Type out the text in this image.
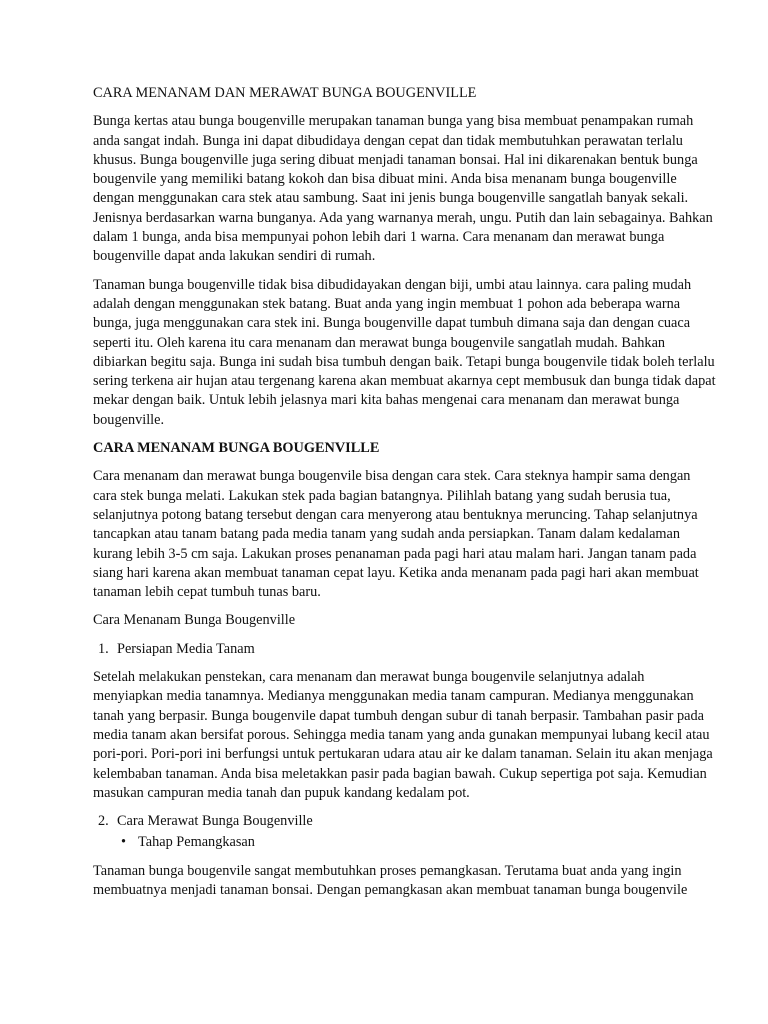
CARA MENANAM DAN MERAWAT BUNGA BOUGENVILLE
Bunga kertas atau bunga bougenville merupakan tanaman bunga yang bisa membuat penampakan rumah
anda sangat indah. Bunga ini dapat dibudidaya dengan cepat dan tidak membutuhkan perawatan terlalu
khusus. Bunga bougenville juga sering dibuat menjadi tanaman bonsai. Hal ini dikarenakan bentuk bunga
bougenvile yang memiliki batang kokoh dan bisa dibuat mini. Anda bisa menanam bunga bougenville
dengan menggunakan cara stek atau sambung. Saat ini jenis bunga bougenville sangatlah banyak sekali.
Jenisnya berdasarkan warna bunganya. Ada yang warnanya merah, ungu. Putih dan lain sebagainya. Bahkan
dalam 1 bunga, anda bisa mempunyai pohon lebih dari 1 warna. Cara menanam dan merawat bunga
bougenville dapat anda lakukan sendiri di rumah.
Tanaman bunga bougenville tidak bisa dibudidayakan dengan biji, umbi atau lainnya. cara paling mudah
adalah dengan menggunakan stek batang. Buat anda yang ingin membuat 1 pohon ada beberapa warna
bunga, juga menggunakan cara stek ini. Bunga bougenville dapat tumbuh dimana saja dan dengan cuaca
seperti itu. Oleh karena itu cara menanam dan merawat bunga bougenvile sangatlah mudah. Bahkan
dibiarkan begitu saja. Bunga ini sudah bisa tumbuh dengan baik. Tetapi bunga bougenvile tidak boleh terlalu
sering terkena air hujan atau tergenang karena akan membuat akarnya cept membusuk dan bunga tidak dapat
mekar dengan baik. Untuk lebih jelasnya mari kita bahas mengenai cara menanam dan merawat bunga
bougenville.
CARA MENANAM BUNGA BOUGENVILLE
Cara menanam dan merawat bunga bougenvile bisa dengan cara stek. Cara steknya hampir sama dengan
cara stek bunga melati. Lakukan stek pada bagian batangnya. Pilihlah batang yang sudah berusia tua,
selanjutnya potong batang tersebut dengan cara menyerong atau bentuknya meruncing. Tahap selanjutnya
tancapkan atau tanam batang pada media tanam yang sudah anda persiapkan. Tanam dalam kedalaman
kurang lebih 3-5 cm saja. Lakukan proses penanaman pada pagi hari atau malam hari. Jangan tanam pada
siang hari karena akan membuat tanaman cepat layu. Ketika anda menanam pada pagi hari akan membuat
tanaman lebih cepat tumbuh tunas baru.
Cara Menanam Bunga Bougenville
1. Persiapan Media Tanam
Setelah melakukan penstekan, cara menanam dan merawat bunga bougenvile selanjutnya adalah
menyiapkan media tanamnya. Medianya menggunakan media tanam campuran. Medianya menggunakan
tanah yang berpasir. Bunga bougenvile dapat tumbuh dengan subur di tanah berpasir. Tambahan pasir pada
media tanam akan bersifat porous. Sehingga media tanam yang anda gunakan mempunyai lubang kecil atau
pori-pori. Pori-pori ini berfungsi untuk pertukaran udara atau air ke dalam tanaman. Selain itu akan menjaga
kelembaban tanaman. Anda bisa meletakkan pasir pada bagian bawah. Cukup sepertiga pot saja. Kemudian
masukan campuran media tanah dan pupuk kandang kedalam pot.
2. Cara Merawat Bunga Bougenville
• Tahap Pemangkasan
Tanaman bunga bougenvile sangat membutuhkan proses pemangkasan. Terutama buat anda yang ingin
membuatnya menjadi tanaman bonsai. Dengan pemangkasan akan membuat tanaman bunga bougenvile
